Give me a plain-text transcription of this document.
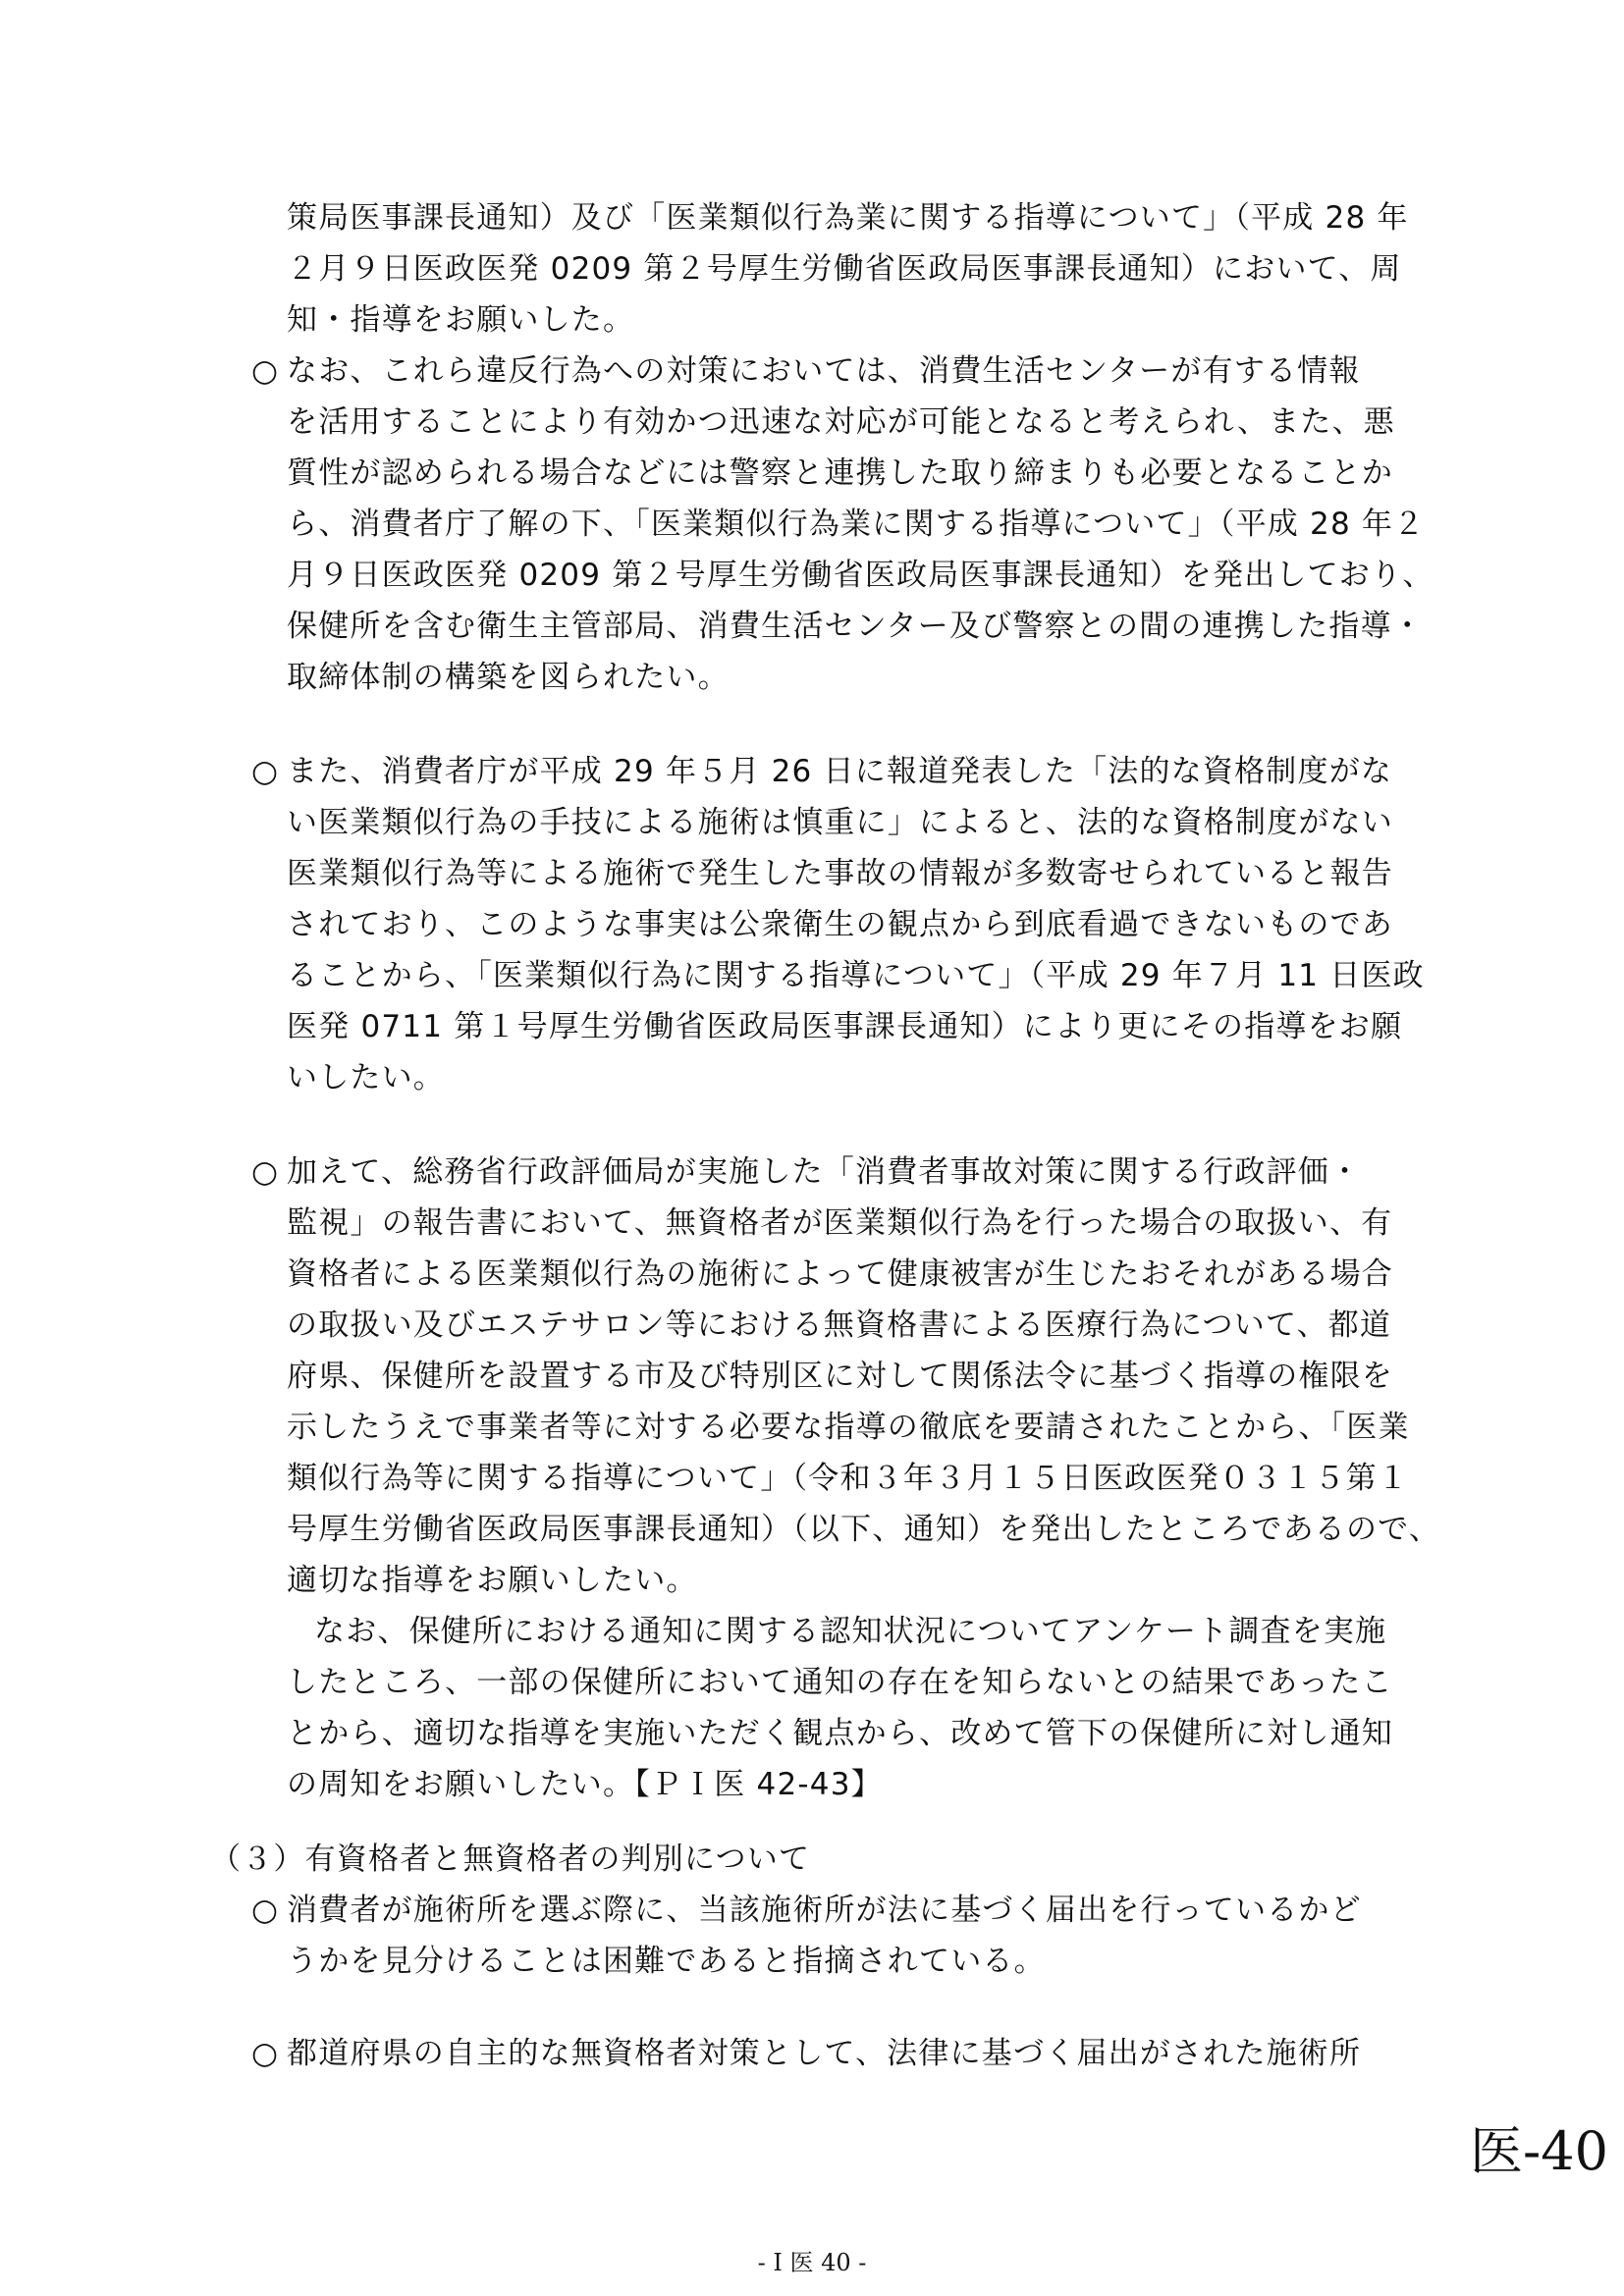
策局医事課長通知）及び「医業類似行為業に関する指導について」（平成 28 年
２月９日医政医発 0209 第２号厚生労働省医政局医事課長通知）において、周
知・指導をお願いした。
○ なお、これら違反行為への対策においては、消費生活センターが有する情報
を活用することにより有効かつ迅速な対応が可能となると考えられ、また、悪
質性が認められる場合などには警察と連携した取り締まりも必要となることか
ら、消費者庁了解の下、「医業類似行為業に関する指導について」（平成 28 年２
月９日医政医発 0209 第２号厚生労働省医政局医事課長通知）を発出しており、
保健所を含む衛生主管部局、消費生活センター及び警察との間の連携した指導・
取締体制の構築を図られたい。
○ また、消費者庁が平成 29 年５月 26 日に報道発表した「法的な資格制度がな
い医業類似行為の手技による施術は慎重に」によると、法的な資格制度がない
医業類似行為等による施術で発生した事故の情報が多数寄せられていると報告
されており、このような事実は公衆衛生の観点から到底看過できないものであ
ることから、「医業類似行為に関する指導について」（平成 29 年７月 11 日医政
医発 0711 第１号厚生労働省医政局医事課長通知）により更にその指導をお願
いしたい。
○ 加えて、総務省行政評価局が実施した「消費者事故対策に関する行政評価・
監視」の報告書において、無資格者が医業類似行為を行った場合の取扱い、有
資格者による医業類似行為の施術によって健康被害が生じたおそれがある場合
の取扱い及びエステサロン等における無資格書による医療行為について、都道
府県、保健所を設置する市及び特別区に対して関係法令に基づく指導の権限を
示したうえで事業者等に対する必要な指導の徹底を要請されたことから、「医業
類似行為等に関する指導について」（令和３年３月１５日医政医発０３１５第１
号厚生労働省医政局医事課長通知）（以下、通知）を発出したところであるので、
適切な指導をお願いしたい。
なお、保健所における通知に関する認知状況についてアンケート調査を実施
したところ、一部の保健所において通知の存在を知らないとの結果であったこ
とから、適切な指導を実施いただく観点から、改めて管下の保健所に対し通知
の周知をお願いしたい。【ＰＩ医 42-43】
（３）有資格者と無資格者の判別について
○ 消費者が施術所を選ぶ際に、当該施術所が法に基づく届出を行っているかど
うかを見分けることは困難であると指摘されている。
○ 都道府県の自主的な無資格者対策として、法律に基づく届出がされた施術所
医-40
- Ⅰ 医 40 -
